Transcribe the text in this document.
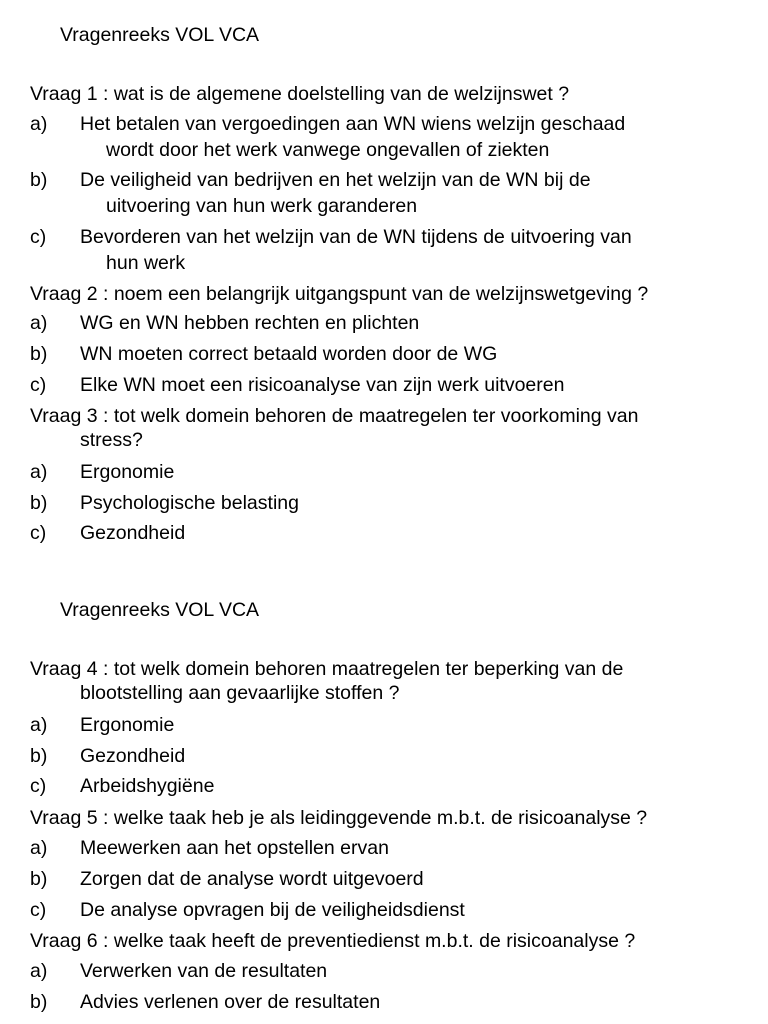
Vragenreeks VOL VCA
Vraag 1 : wat is de algemene doelstelling van de welzijnswet ?
a) Het betalen van vergoedingen aan WN wiens welzijn geschaad
wordt door het werk vanwege ongevallen of ziekten
b) De veiligheid van bedrijven en het welzijn van de WN bij de
uitvoering van hun werk garanderen
c) Bevorderen van het welzijn van de WN tijdens de uitvoering van
hun werk
Vraag 2 : noem een belangrijk uitgangspunt van de welzijnswetgeving ?
a) WG en WN hebben rechten en plichten
b) WN moeten correct betaald worden door de WG
c) Elke WN moet een risicoanalyse van zijn werk uitvoeren
Vraag 3 : tot welk domein behoren de maatregelen ter voorkoming van
stress?
a) Ergonomie
b) Psychologische belasting
c) Gezondheid
Vragenreeks VOL VCA
Vraag 4 : tot welk domein behoren maatregelen ter beperking van de
blootstelling aan gevaarlijke stoffen ?
a) Ergonomie
b) Gezondheid
c) Arbeidshygiëne
Vraag 5 : welke taak heb je als leidinggevende m.b.t. de risicoanalyse ?
a) Meewerken aan het opstellen ervan
b) Zorgen dat de analyse wordt uitgevoerd
c) De analyse opvragen bij de veiligheidsdienst
Vraag 6 : welke taak heeft de preventiedienst m.b.t. de risicoanalyse ?
a) Verwerken van de resultaten
b) Advies verlenen over de resultaten
